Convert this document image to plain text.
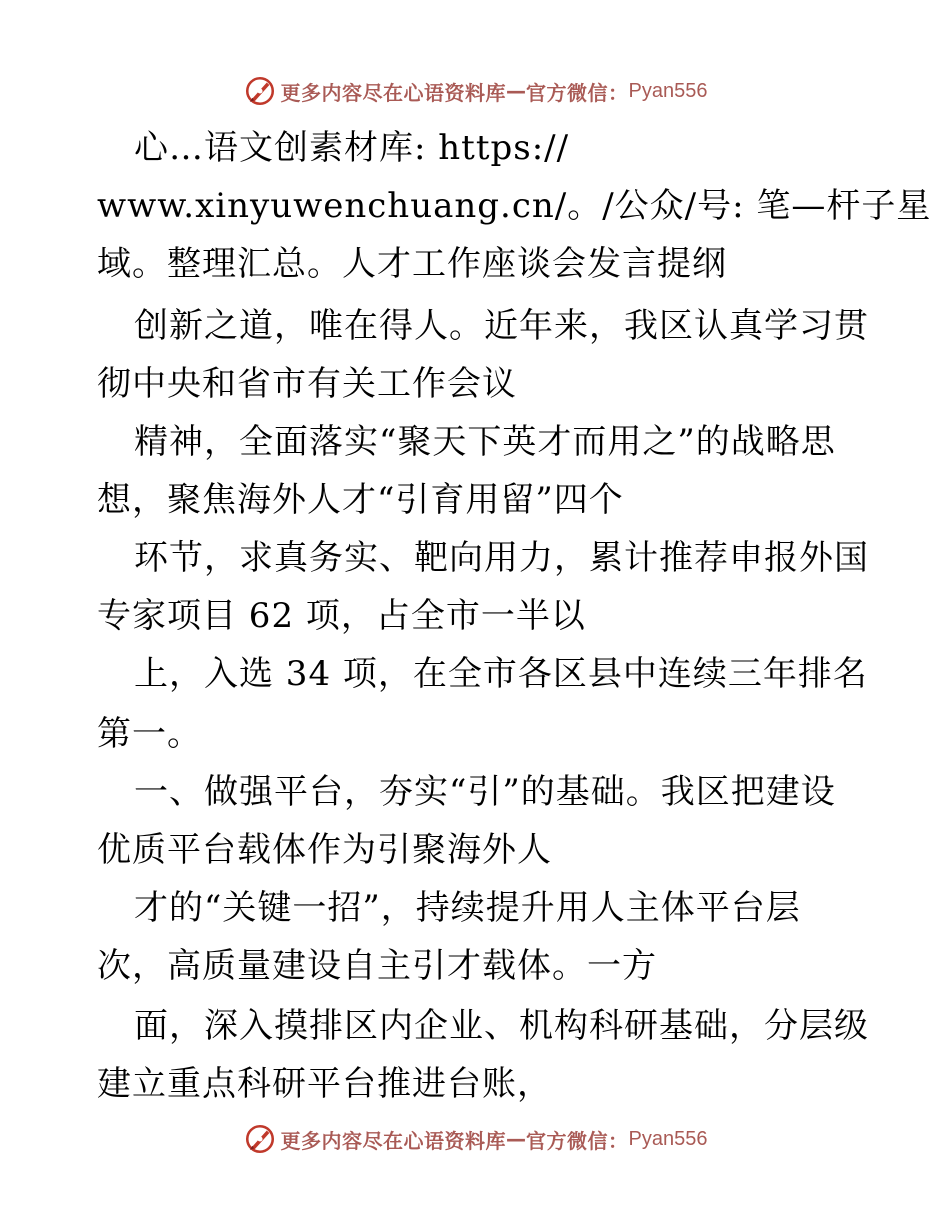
更多内容尽在心语资料库 — 官方微信： Pyan556
心…语文创素材库: https://
www.xinyuwenchuang.cn/。/公众/号: 笔—杆子星
域。整理汇总。人才工作座谈会发言提纲
创新之道，唯在得人。近年来，我区认真学习贯
彻中央和省市有关工作会议
精神，全面落实“聚天下英才而用之”的战略思
想，聚焦海外人才“引育用留”四个
环节，求真务实、靶向用力，累计推荐申报外国
专家项目 62 项，占全市一半以
上，入选 34 项，在全市各区县中连续三年排名
第一。
一、做强平台，夯实“引”的基础。我区把建设
优质平台载体作为引聚海外人
才的“关键一招”，持续提升用人主体平台层
次，高质量建设自主引才载体。一方
面，深入摸排区内企业、机构科研基础，分层级
建立重点科研平台推进台账，
更多内容尽在心语资料库 — 官方微信： Pyan556
